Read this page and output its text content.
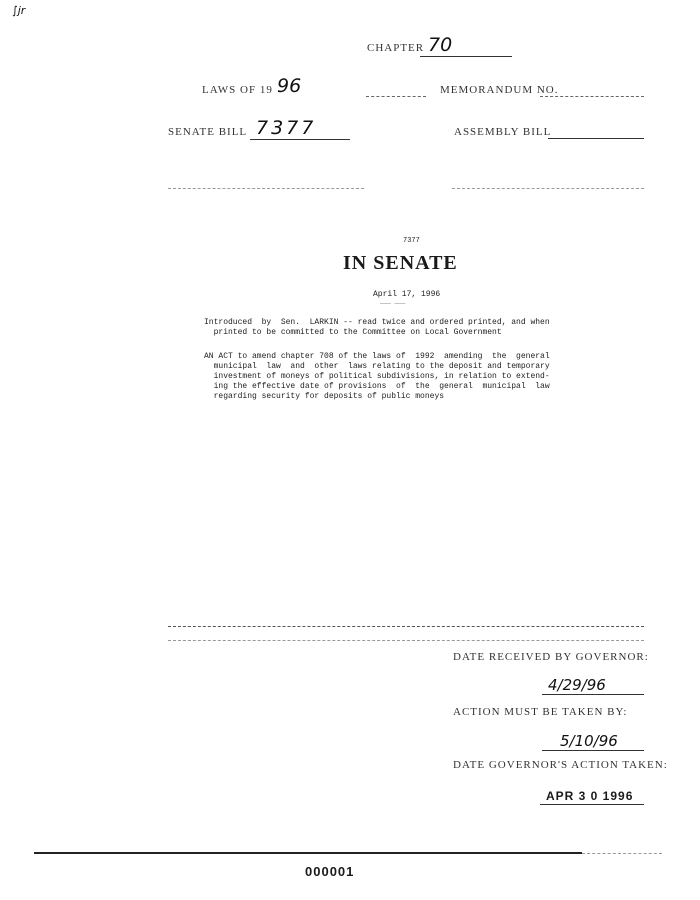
∫jr
CHAPTER 70
LAWS OF 19 96	MEMORANDUM NO.
SENATE BILL 7377	ASSEMBLY BILL
7377
IN SENATE
April 17, 1996
——— ———
Introduced  by  Sen.  LARKIN -- read twice and ordered printed, and when
printed to be committed to the Committee on Local Government
AN ACT to amend chapter 708 of the laws of  1992  amending  the  general
municipal  law  and  other  laws relating to the deposit and temporary
investment of moneys of political subdivisions, in relation to extend-
ing the effective date of provisions  of  the  general  municipal  law
regarding security for deposits of public moneys
DATE RECEIVED BY GOVERNOR:
4/29/96
ACTION MUST BE TAKEN BY:
5/10/96
DATE GOVERNOR'S ACTION TAKEN:
APR 3 0 1996
000001
